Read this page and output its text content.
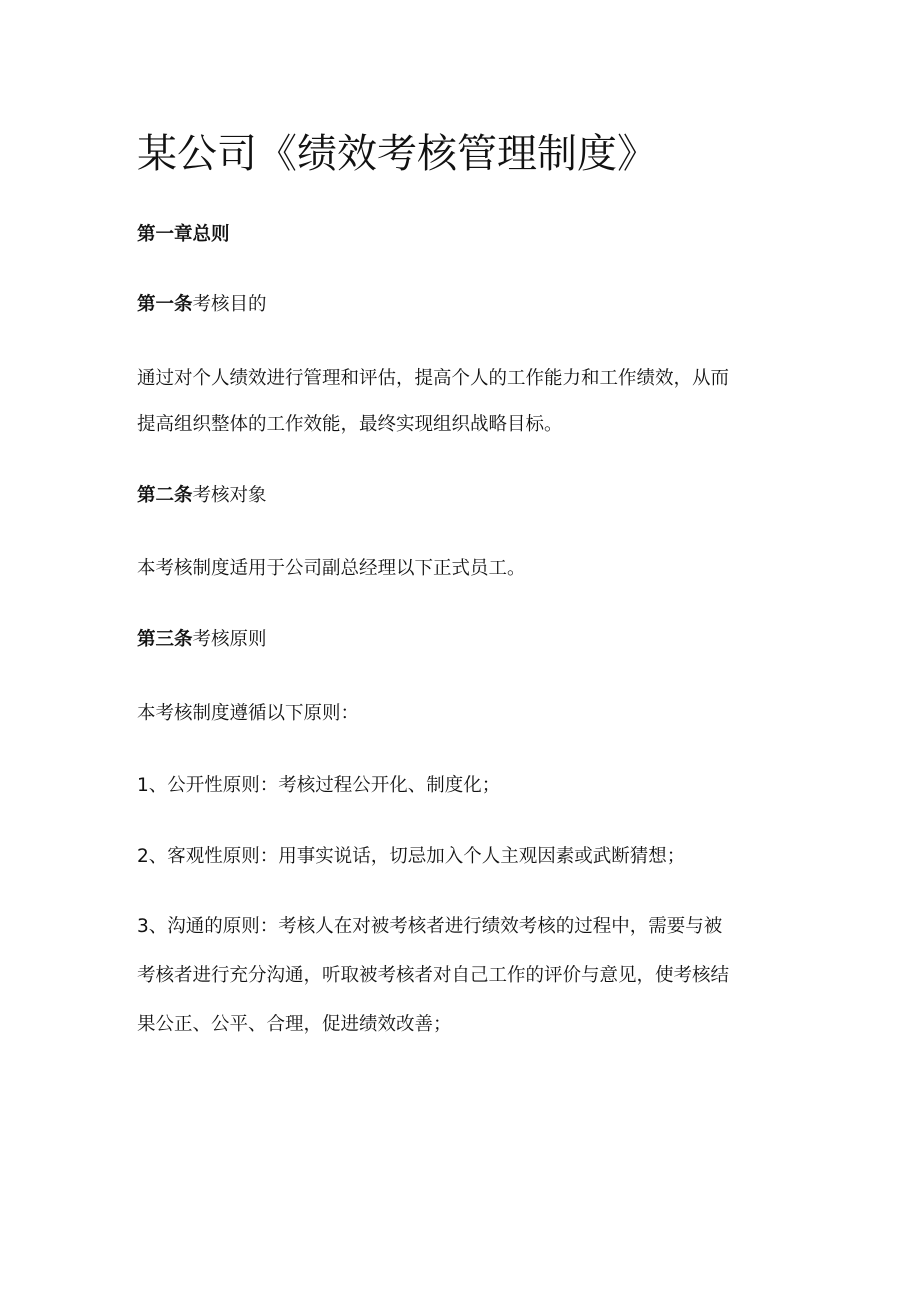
某公司《绩效考核管理制度》

第一章总则

第一条考核目的

通过对个人绩效进行管理和评估，提高个人的工作能力和工作绩效，从而

提高组织整体的工作效能，最终实现组织战略目标。

第二条考核对象

本考核制度适用于公司副总经理以下正式员工。

第三条考核原则

本考核制度遵循以下原则：

1、公开性原则：考核过程公开化、制度化；

2、客观性原则：用事实说话，切忌加入个人主观因素或武断猜想；

3、沟通的原则：考核人在对被考核者进行绩效考核的过程中，需要与被

考核者进行充分沟通，听取被考核者对自己工作的评价与意见，使考核结

果公正、公平、合理，促进绩效改善；
